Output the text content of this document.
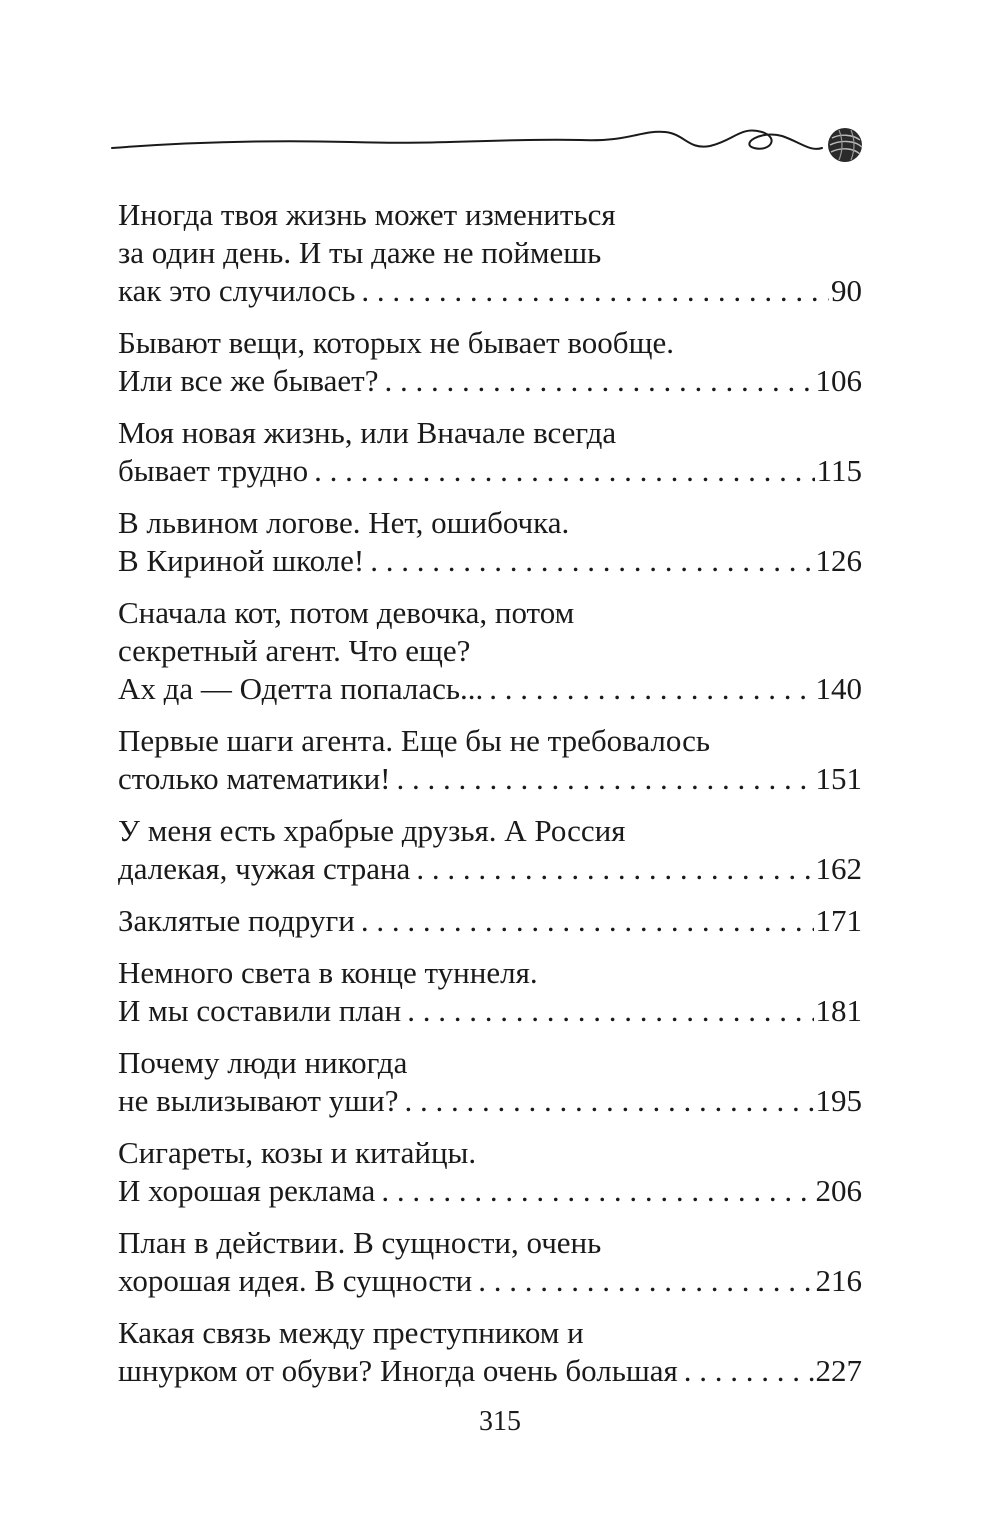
Иногда твоя жизнь может измениться
за один день. И ты даже не поймешь
как это случилось . . .	90
Бывают вещи, которых не бывает вообще.
Или все же бывает? . . .	106
Моя новая жизнь, или Вначале всегда
бывает трудно . . .	115
В львином логове. Нет, ошибочка.
В Кириной школе! . . .	126
Сначала кот, потом девочка, потом
секретный агент. Что еще?
Ах да — Одетта попалась... . . .	140
Первые шаги агента. Еще бы не требовалось
столько математики! . . .	151
У меня есть храбрые друзья. А Россия
далекая, чужая страна . . .	162
Заклятые подруги . . .	171
Немного света в конце туннеля.
И мы составили план . . .	181
Почему люди никогда
не вылизывают уши? . . .	195
Сигареты, козы и китайцы.
И хорошая реклама . . .	206
План в действии. В сущности, очень
хорошая идея. В сущности . . .	216
Какая связь между преступником и
шнурком от обуви? Иногда очень большая . . .	227
315
